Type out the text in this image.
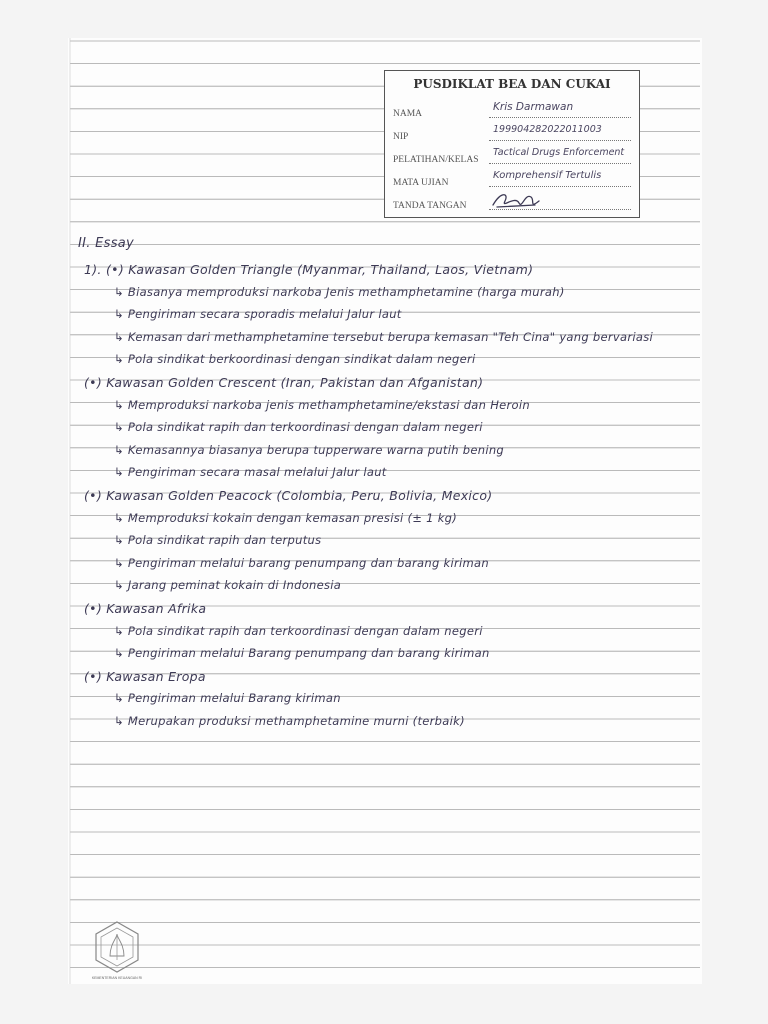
PUSDIKLAT BEA DAN CUKAI
NAMA
Kris Darmawan
NIP
199904282022011003
PELATIHAN/KELAS
Tactical Drugs Enforcement
MATA UJIAN
Komprehensif Tertulis
TANDA TANGAN
II. Essay
1). (•) Kawasan Golden Triangle (Myanmar, Thailand, Laos, Vietnam)
↳ Biasanya memproduksi narkoba Jenis methamphetamine (harga murah)
↳ Pengiriman secara sporadis melalui Jalur laut
↳ Kemasan dari methamphetamine tersebut berupa kemasan "Teh Cina" yang bervariasi
↳ Pola sindikat berkoordinasi dengan sindikat dalam negeri
(•) Kawasan Golden Crescent (Iran, Pakistan dan Afganistan)
↳ Memproduksi narkoba jenis methamphetamine/ekstasi dan Heroin
↳ Pola sindikat rapih dan terkoordinasi dengan dalam negeri
↳ Kemasannya biasanya berupa tupperware warna putih bening
↳ Pengiriman secara masal melalui Jalur laut
(•) Kawasan Golden Peacock (Colombia, Peru, Bolivia, Mexico)
↳ Memproduksi kokain dengan kemasan presisi (± 1 kg)
↳ Pola sindikat rapih dan terputus
↳ Pengiriman melalui barang penumpang dan barang kiriman
↳ Jarang peminat kokain di Indonesia
(•) Kawasan Afrika
↳ Pola sindikat rapih dan terkoordinasi dengan dalam negeri
↳ Pengiriman melalui Barang penumpang dan barang kiriman
(•) Kawasan Eropa
↳ Pengiriman melalui Barang kiriman
↳ Merupakan produksi methamphetamine murni (terbaik)
KEMENTERIAN KEUANGAN RI
